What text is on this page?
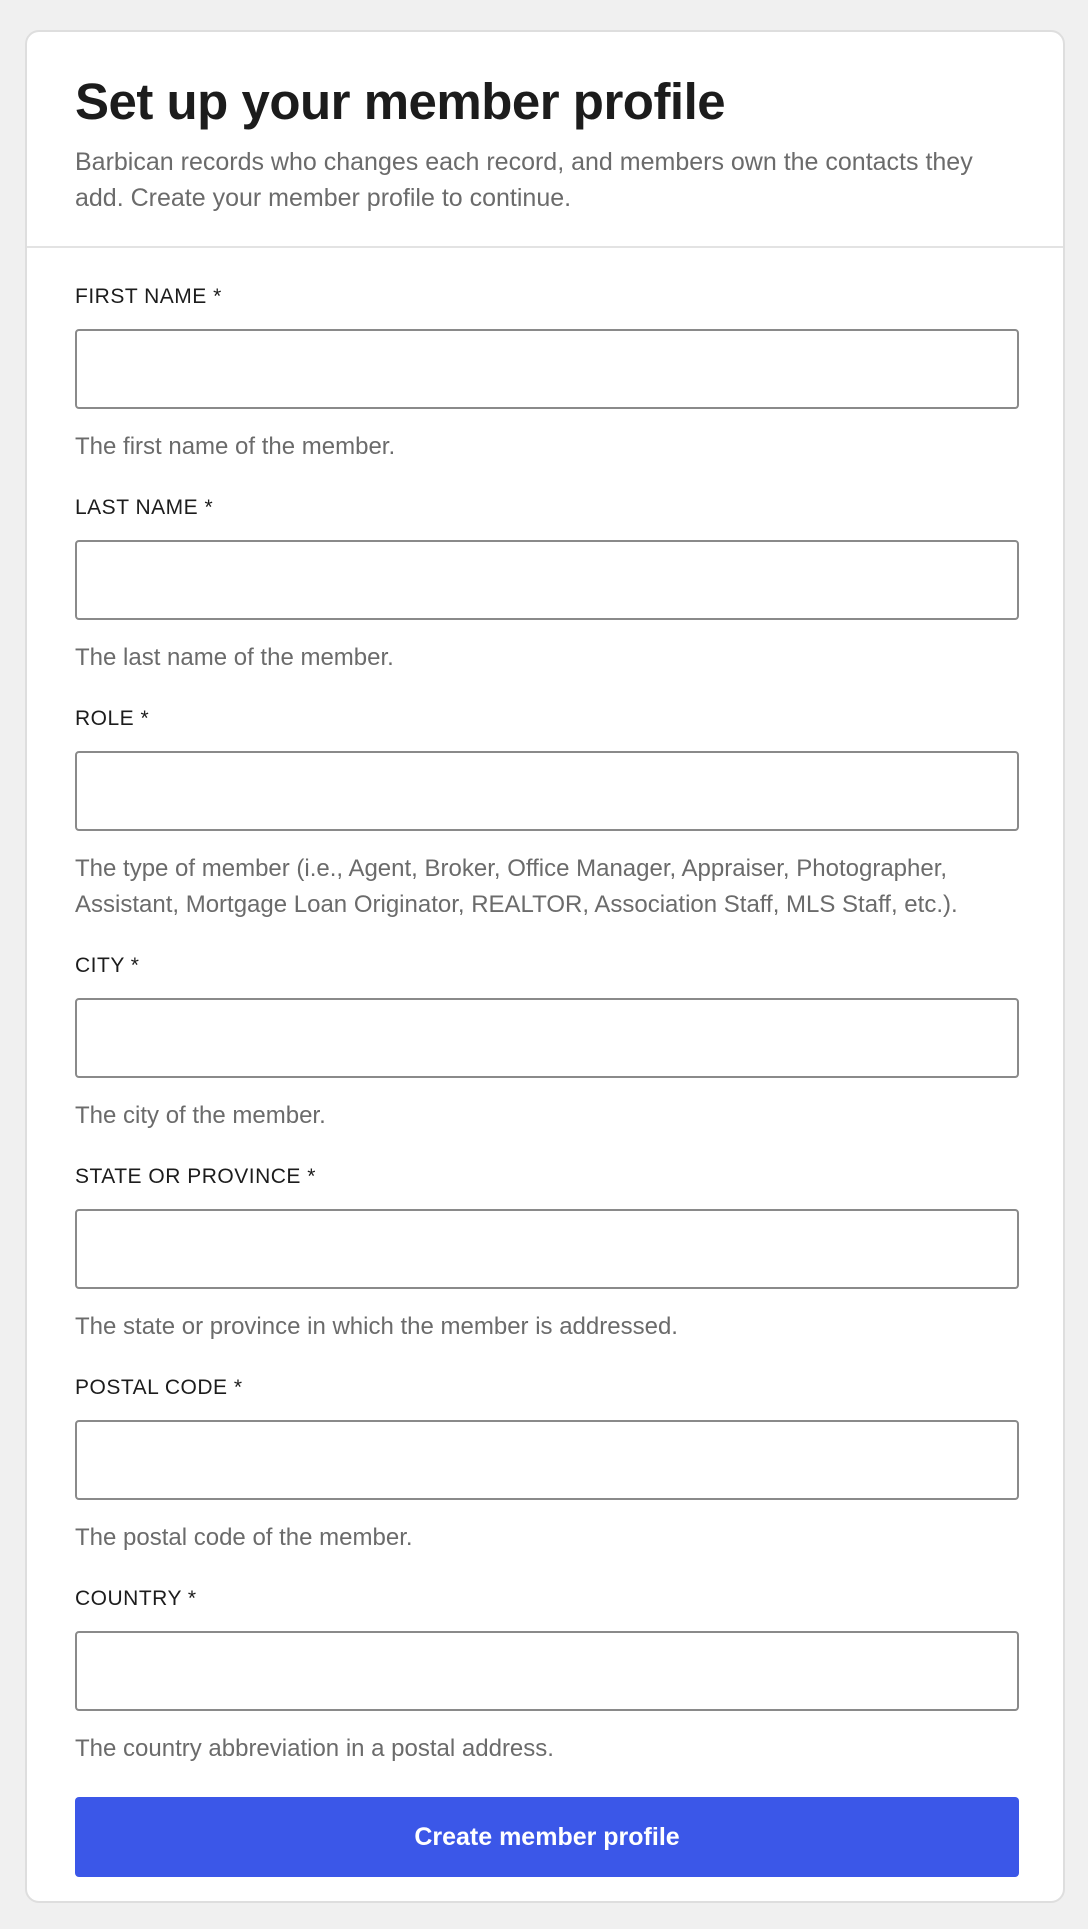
Set up your member profile

Barbican records who changes each record, and members own the contacts they add. Create your member profile to continue.

FIRST NAME *

The first name of the member.

LAST NAME *

The last name of the member.

ROLE *

The type of member (i.e., Agent, Broker, Office Manager, Appraiser, Photographer, Assistant, Mortgage Loan Originator, REALTOR, Association Staff, MLS Staff, etc.).

CITY *

The city of the member.

STATE OR PROVINCE *

The state or province in which the member is addressed.

POSTAL CODE *

The postal code of the member.

COUNTRY *

The country abbreviation in a postal address.

Create member profile
